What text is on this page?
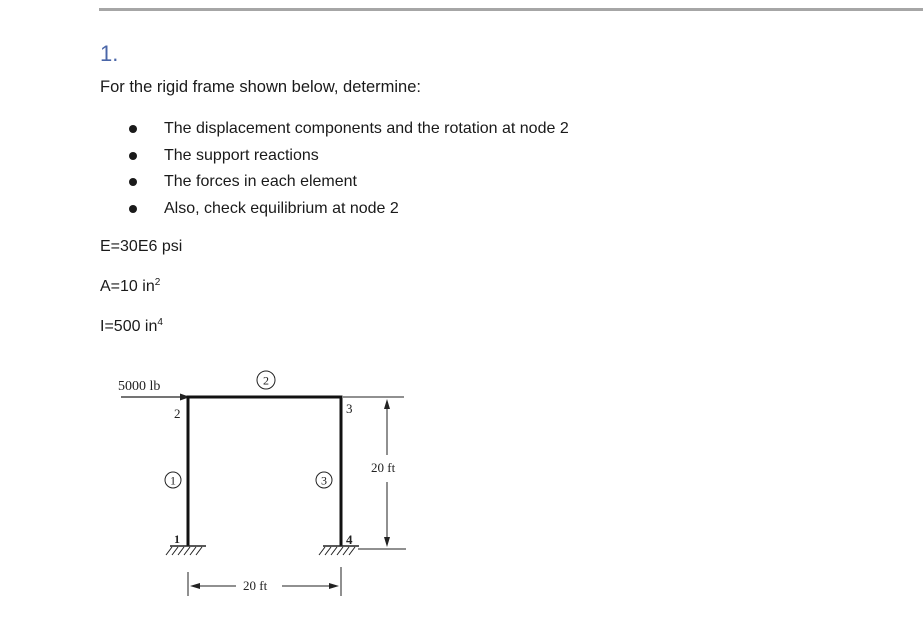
1.
For the rigid frame shown below, determine:
The displacement components and the rotation at node 2
The support reactions
The forces in each element
Also, check equilibrium at node 2
E=30E6 psi
A=10 $in^2$
I=500 $in^4$
5000 lb
1
2	3
4
1
2
3
20 ft
20 ft
